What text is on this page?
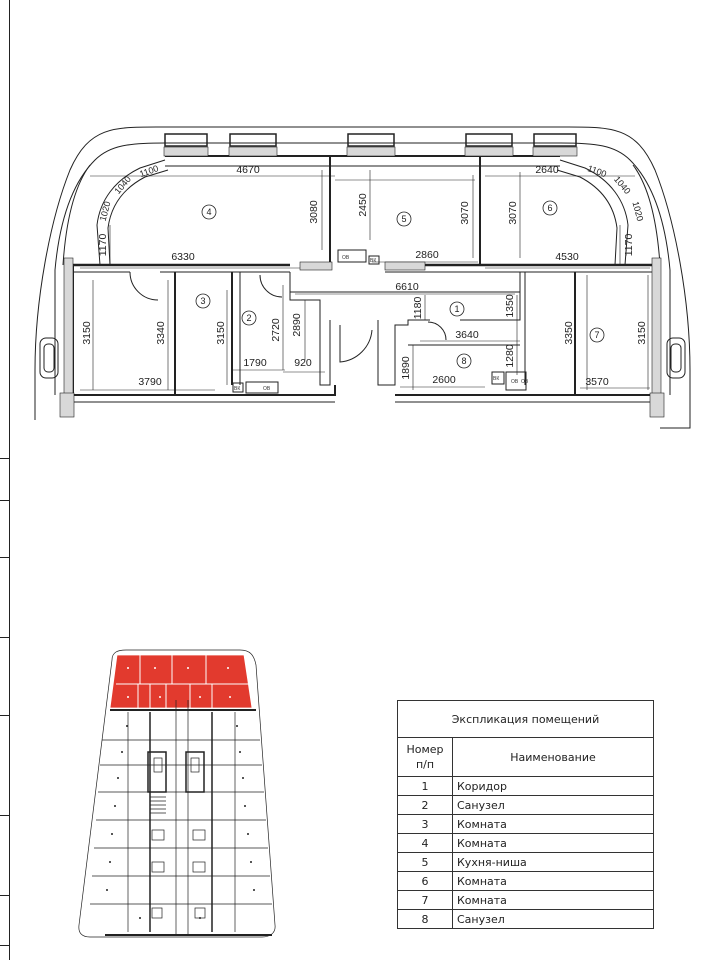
1
2
3
4
5
6
7
8
ВК	ОВ
ОВ	ВК
ОВ
ВК	ОВ
4670	2640
6330	2860	4530
6610
3640
3790
1790	920
2600	3570
3080	2450	3070	3070
3150	3340	3150	2720 2890
1180	1350
1280
1890
3350	3150
1170	1170
1100
1040
1020
1100
1040
1020
Экспликация помещений	
Номер п/п	Наименование
1	Коридор
2	Санузел
3	Комната
4	Комната
5	Кухня-ниша
6	Комната
7	Комната
8	Санузел
